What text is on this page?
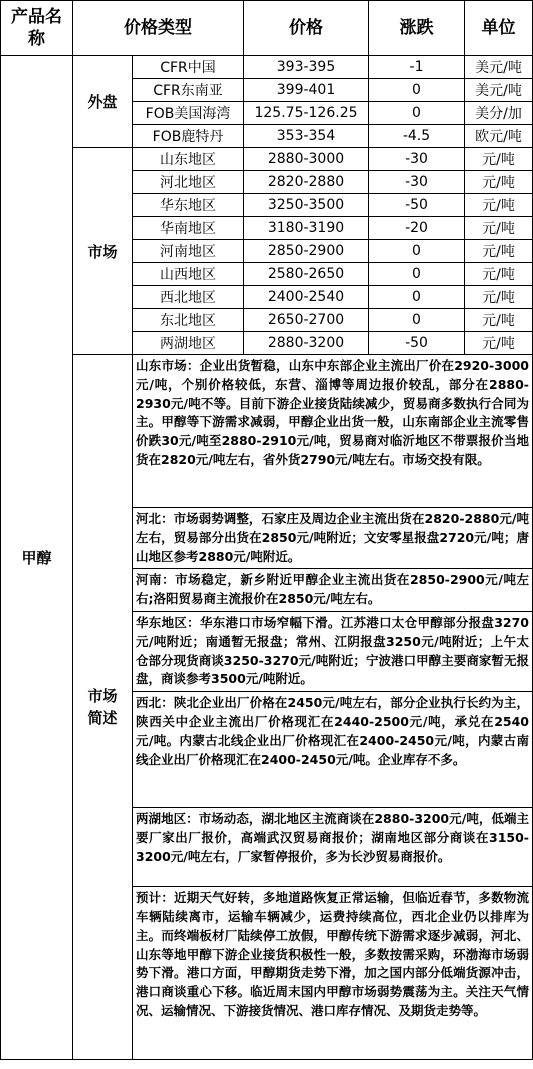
产品名称	价格类型		价格	涨跌	单位
甲醇	外盘	CFR中国	393-395	-1	美元/吨
		CFR东南亚	399-401	0	美元/吨
		FOB美国海湾	125.75-126.25	0	美分/加
		FOB鹿特丹	353-354	-4.5	欧元/吨
	市场	山东地区	2880-3000	-30	元/吨
		河北地区	2820-2880	-30	元/吨
		华东地区	3250-3500	-50	元/吨
		华南地区	3180-3190	-20	元/吨
		河南地区	2850-2900	0	元/吨
		山西地区	2580-2650	0	元/吨
		西北地区	2400-2540	0	元/吨
		东北地区	2650-2700	0	元/吨
		两湖地区	2880-3200	-50	元/吨
	市场简述	山东市场：企业出货暂稳，山东中东部企业主流出厂价在2920-3000元/吨，个别价格较低，东营、淄博等周边报价较乱，部分在2880-2930元/吨不等。目前下游企业接货陆续减少，贸易商多数执行合同为主。甲醇等下游需求减弱，甲醇企业出货一般，山东南部企业主流零售价跌30元/吨至2880-2910元/吨，贸易商对临沂地区不带票报价当地货在2820元/吨左右，省外货2790元/吨左右。市场交投有限。			
		河北：市场弱势调整，石家庄及周边企业主流出货在2820-2880元/吨左右，贸易部分出货在2850元/吨附近；文安零星报盘2720元/吨；唐山地区参考2880元/吨附近。			
		河南：市场稳定，新乡附近甲醇企业主流出货在2850-2900元/吨左右;洛阳贸易商主流报价在2850元/吨左右。			
		华东地区：华东港口市场窄幅下滑。江苏港口太仓甲醇部分报盘3270元/吨附近；南通暂无报盘；常州、江阴报盘3250元/吨附近；上午太仓部分现货商谈3250-3270元/吨附近；宁波港口甲醇主要商家暂无报盘，商谈参考3500元/吨附近。			
		西北：陕北企业出厂价格在2450元/吨左右，部分企业执行长约为主，陕西关中企业主流出厂价格现汇在2440-2500元/吨，承兑在2540元/吨。内蒙古北线企业出厂价格现汇在2400-2450元/吨，内蒙古南线企业出厂价格现汇在2400-2450元/吨。企业库存不多。			
		两湖地区：市场动态，湖北地区主流商谈在2880-3200元/吨，低端主要厂家出厂报价，高端武汉贸易商报价；湖南地区部分商谈在3150-3200元/吨左右，厂家暂停报价，多为长沙贸易商报价。			
		预计：近期天气好转，多地道路恢复正常运输，但临近春节，多数物流车辆陆续离市，运输车辆减少，运费持续高位，西北企业仍以排库为主。而终端板材厂陆续停工放假，甲醇传统下游需求逐步减弱，河北、山东等地甲醇下游企业接货积极性一般，多数按需采购，环渤海市场弱势下滑。港口方面，甲醇期货走势下滑，加之国内部分低端货源冲击，港口商谈重心下移。临近周末国内甲醇市场弱势震荡为主。关注天气情况、运输情况、下游接货情况、港口库存情况、及期货走势等。			
